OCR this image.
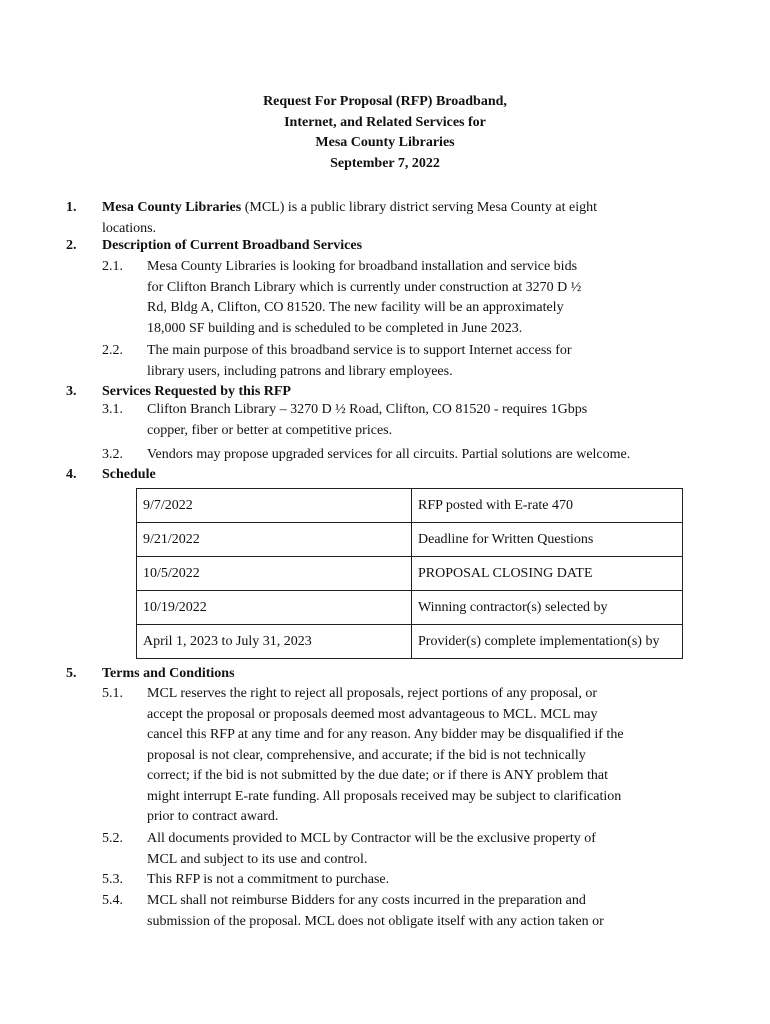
Request For Proposal (RFP) Broadband,
Internet, and Related Services for
Mesa County Libraries
September 7, 2022
1. Mesa County Libraries (MCL) is a public library district serving Mesa County at eight
locations.
2. Description of Current Broadband Services
2.1. Mesa County Libraries is looking for broadband installation and service bids
for Clifton Branch Library which is currently under construction at 3270 D ½
Rd, Bldg A, Clifton, CO 81520. The new facility will be an approximately
18,000 SF building and is scheduled to be completed in June 2023.
2.2. The main purpose of this broadband service is to support Internet access for
library users, including patrons and library employees.
3. Services Requested by this RFP
3.1. Clifton Branch Library – 3270 D ½ Road, Clifton, CO 81520 - requires 1Gbps
copper, fiber or better at competitive prices.
3.2. Vendors may propose upgraded services for all circuits. Partial solutions are welcome.
4. Schedule
9/7/2022	RFP posted with E-rate 470
9/21/2022	Deadline for Written Questions
10/5/2022	PROPOSAL CLOSING DATE
10/19/2022	Winning contractor(s) selected by
April 1, 2023 to July 31, 2023	Provider(s) complete implementation(s) by
5. Terms and Conditions
5.1. MCL reserves the right to reject all proposals, reject portions of any proposal, or
accept the proposal or proposals deemed most advantageous to MCL. MCL may
cancel this RFP at any time and for any reason. Any bidder may be disqualified if the
proposal is not clear, comprehensive, and accurate; if the bid is not technically
correct; if the bid is not submitted by the due date; or if there is ANY problem that
might interrupt E-rate funding. All proposals received may be subject to clarification
prior to contract award.
5.2. All documents provided to MCL by Contractor will be the exclusive property of
MCL and subject to its use and control.
5.3. This RFP is not a commitment to purchase.
5.4. MCL shall not reimburse Bidders for any costs incurred in the preparation and
submission of the proposal. MCL does not obligate itself with any action taken or
